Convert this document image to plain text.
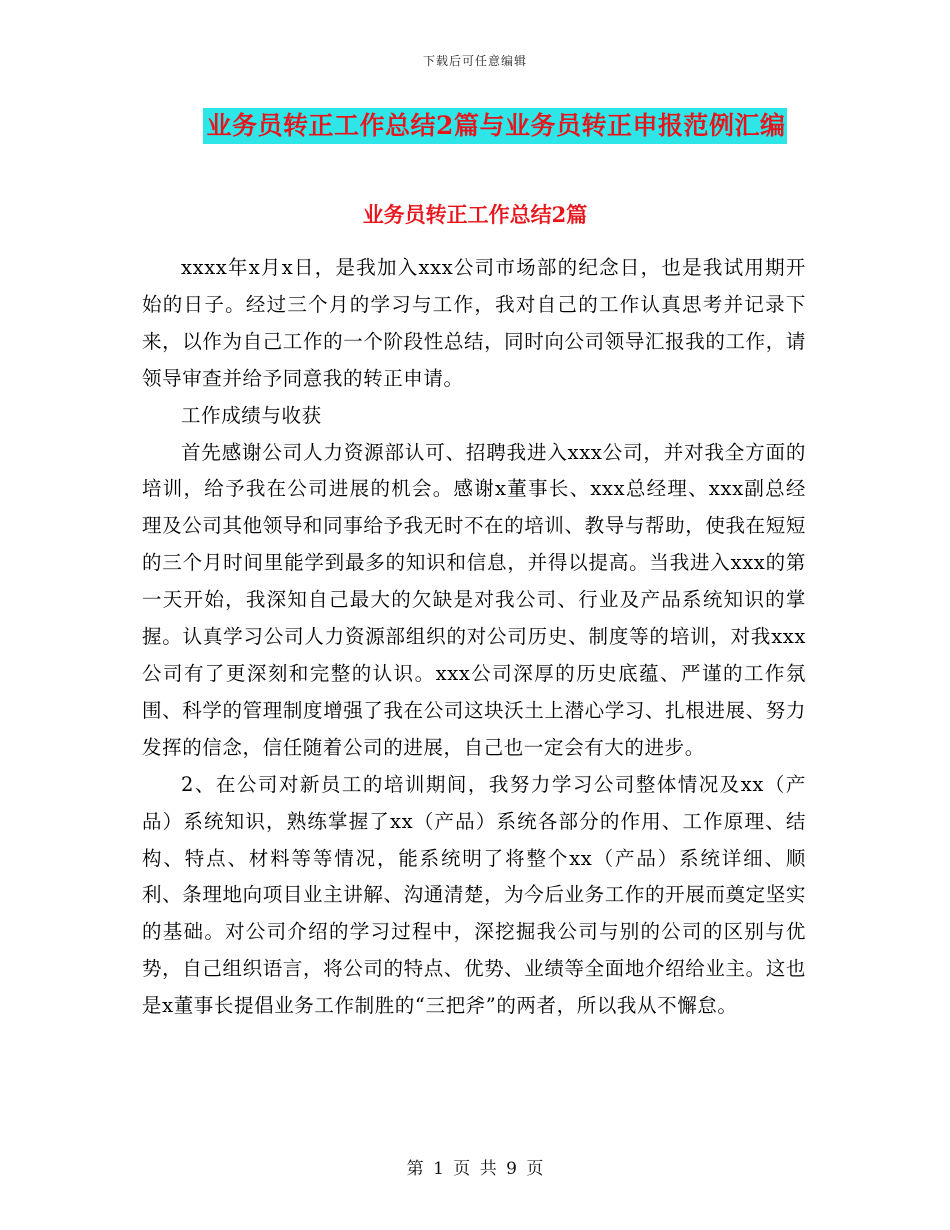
下载后可任意编辑
业务员转正工作总结2篇与业务员转正申报范例汇编
业务员转正工作总结2篇

xxxx年x月x日，是我加入xxx公司市场部的纪念日，也是我试用期开始的日子。经过三个月的学习与工作，我对自己的工作认真思考并记录下来，以作为自己工作的一个阶段性总结，同时向公司领导汇报我的工作，请领导审查并给予同意我的转正申请。

工作成绩与收获

首先感谢公司人力资源部认可、招聘我进入xxx公司，并对我全方面的培训，给予我在公司进展的机会。感谢x董事长、xxx总经理、xxx副总经理及公司其他领导和同事给予我无时不在的培训、教导与帮助，使我在短短的三个月时间里能学到最多的知识和信息，并得以提高。当我进入xxx的第一天开始，我深知自己最大的欠缺是对我公司、行业及产品系统知识的掌握。认真学习公司人力资源部组织的对公司历史、制度等的培训，对我xxx公司有了更深刻和完整的认识。xxx公司深厚的历史底蕴、严谨的工作氛围、科学的管理制度增强了我在公司这块沃土上潜心学习、扎根进展、努力发挥的信念，信任随着公司的进展，自己也一定会有大的进步。

2、在公司对新员工的培训期间，我努力学习公司整体情况及xx（产品）系统知识，熟练掌握了xx（产品）系统各部分的作用、工作原理、结构、特点、材料等等情况，能系统明了将整个xx（产品）系统详细、顺利、条理地向项目业主讲解、沟通清楚，为今后业务工作的开展而奠定坚实的基础。对公司介绍的学习过程中，深挖掘我公司与别的公司的区别与优势，自己组织语言，将公司的特点、优势、业绩等全面地介绍给业主。这也是x董事长提倡业务工作制胜的“三把斧”的两者，所以我从不懈怠。

第 1 页 共 9 页
